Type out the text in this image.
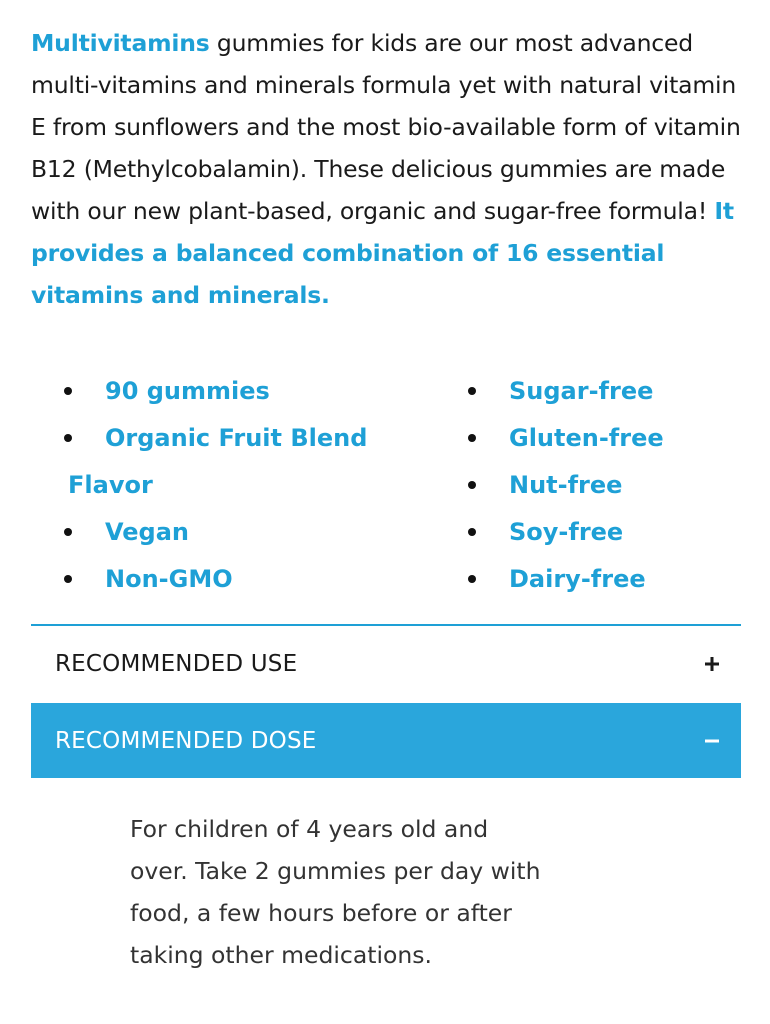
Multivitamins gummies for kids are our most advanced multi-vitamins and minerals formula yet with natural vitamin E from sunflowers and the most bio-available form of vitamin B12 (Methylcobalamin). These delicious gummies are made with our new plant-based, organic and sugar-free formula! It provides a balanced combination of 16 essential vitamins and minerals.
90 gummies
Organic Fruit Blend
Flavor
Vegan
Non-GMO
Sugar-free
Gluten-free
Nut-free
Soy-free
Dairy-free
RECOMMENDED USE
RECOMMENDED DOSE
For children of 4 years old and over. Take 2 gummies per day with food, a few hours before or after taking other medications.
